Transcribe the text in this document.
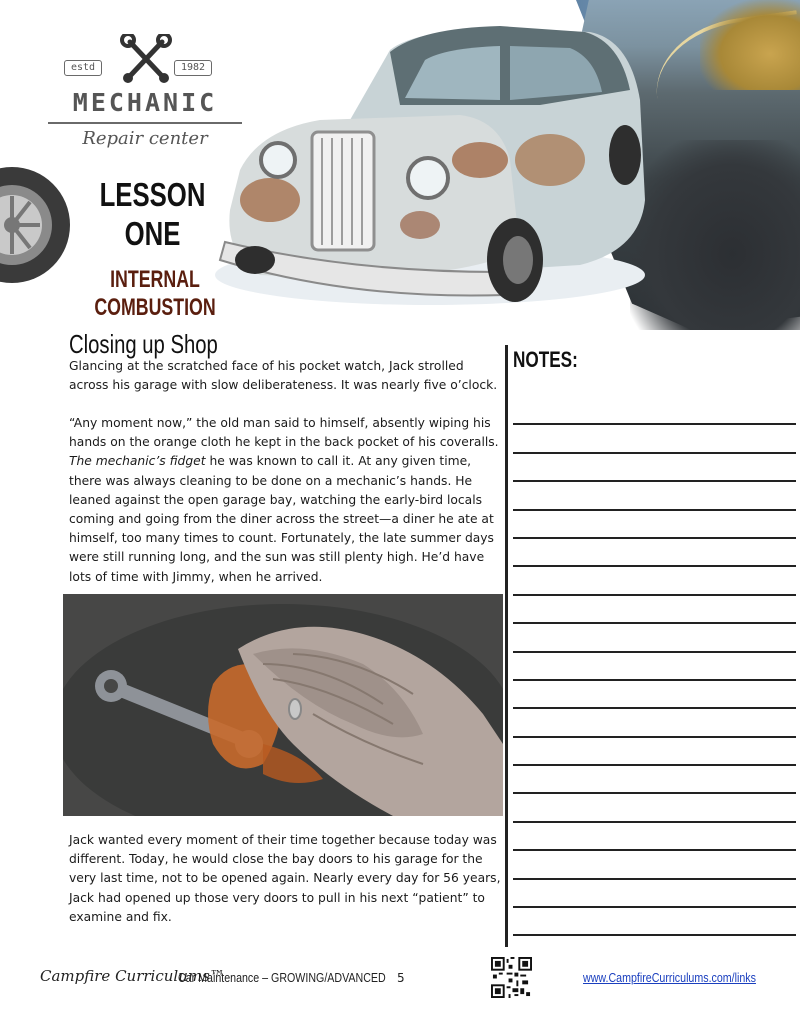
estd	1982
MECHANIC
Repair center
LESSON
ONE
INTERNAL COMBUSTION
Closing up Shop

Glancing at the scratched face of his pocket watch, Jack strolled across his garage with slow deliberateness. It was nearly five o’clock.

“Any moment now,” the old man said to himself, absently wiping his hands on the orange cloth he kept in the back pocket of his coveralls. The mechanic’s fidget he was known to call it. At any given time, there was always cleaning to be done on a mechanic’s hands. He leaned against the open garage bay, watching the early-bird locals coming and going from the diner across the street—a diner he ate at himself, too many times to count. Fortunately, the late summer days were still running long, and the sun was still plenty high. He’d have lots of time with Jimmy, when he arrived.

Jack wanted every moment of their time together because today was different. Today, he would close the bay doors to his garage for the very last time, not to be opened again. Nearly every day for 56 years, Jack had opened up those very doors to pull in his next “patient” to examine and fix.

NOTES:
Campfire Curriculums™
Car Maintenance – GROWING/ADVANCED 5	www.CampfireCurriculums.com/links
